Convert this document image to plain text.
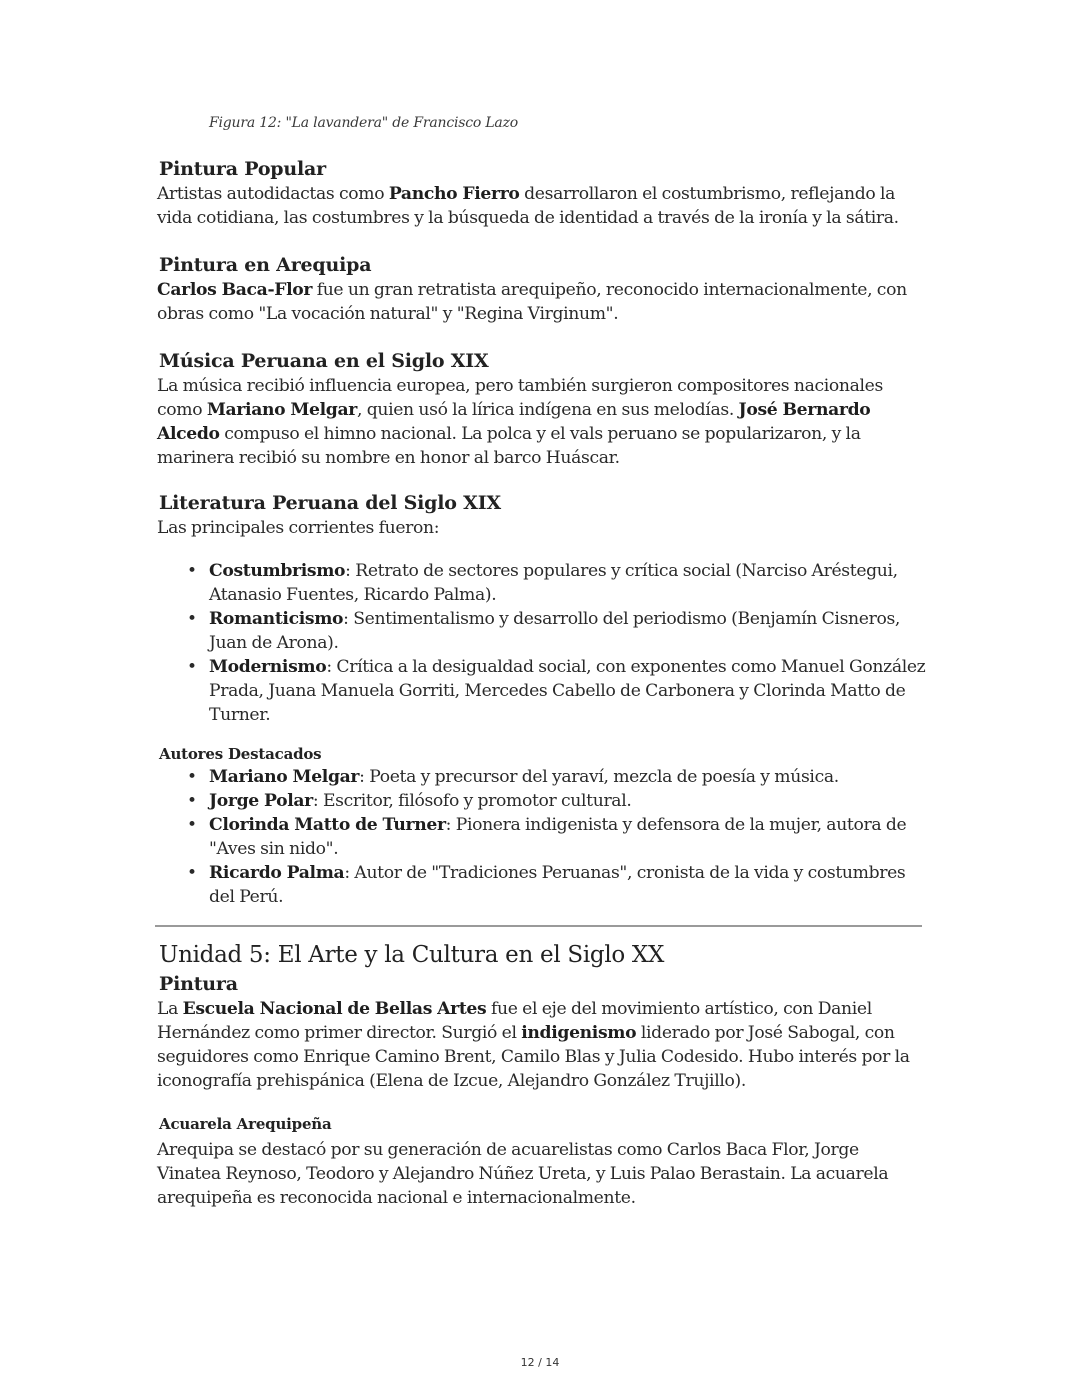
Figura 12: "La lavandera" de Francisco Lazo
Pintura Popular

Artistas autodidactas como Pancho Fierro desarrollaron el costumbrismo, reflejando la vida cotidiana, las costumbres y la búsqueda de identidad a través de la ironía y la sátira.

Pintura en Arequipa

Carlos Baca-Flor fue un gran retratista arequipeño, reconocido internacionalmente, con obras como "La vocación natural" y "Regina Virginum".

Música Peruana en el Siglo XIX

La música recibió influencia europea, pero también surgieron compositores nacionales como Mariano Melgar, quien usó la lírica indígena en sus melodías. José Bernardo Alcedo compuso el himno nacional. La polca y el vals peruano se popularizaron, y la marinera recibió su nombre en honor al barco Huáscar.

Literatura Peruana del Siglo XIX

Las principales corrientes fueron:

• Costumbrismo: Retrato de sectores populares y crítica social (Narciso Aréstegui, Atanasio Fuentes, Ricardo Palma).
• Romanticismo: Sentimentalismo y desarrollo del periodismo (Benjamín Cisneros, Juan de Arona).
• Modernismo: Crítica a la desigualdad social, con exponentes como Manuel González Prada, Juana Manuela Gorriti, Mercedes Cabello de Carbonera y Clorinda Matto de Turner.
Autores Destacados
• Mariano Melgar: Poeta y precursor del yaraví, mezcla de poesía y música.
• Jorge Polar: Escritor, filósofo y promotor cultural.
• Clorinda Matto de Turner: Pionera indigenista y defensora de la mujer, autora de "Aves sin nido".
• Ricardo Palma: Autor de "Tradiciones Peruanas", cronista de la vida y costumbres del Perú.
Unidad 5: El Arte y la Cultura en el Siglo XX
Pintura

La Escuela Nacional de Bellas Artes fue el eje del movimiento artístico, con Daniel Hernández como primer director. Surgió el indigenismo liderado por José Sabogal, con seguidores como Enrique Camino Brent, Camilo Blas y Julia Codesido. Hubo interés por la iconografía prehispánica (Elena de Izcue, Alejandro González Trujillo).

Acuarela Arequipeña

Arequipa se destacó por su generación de acuarelistas como Carlos Baca Flor, Jorge Vinatea Reynoso, Teodoro y Alejandro Núñez Ureta, y Luis Palao Berastain. La acuarela arequipeña es reconocida nacional e internacionalmente.

12 / 14
